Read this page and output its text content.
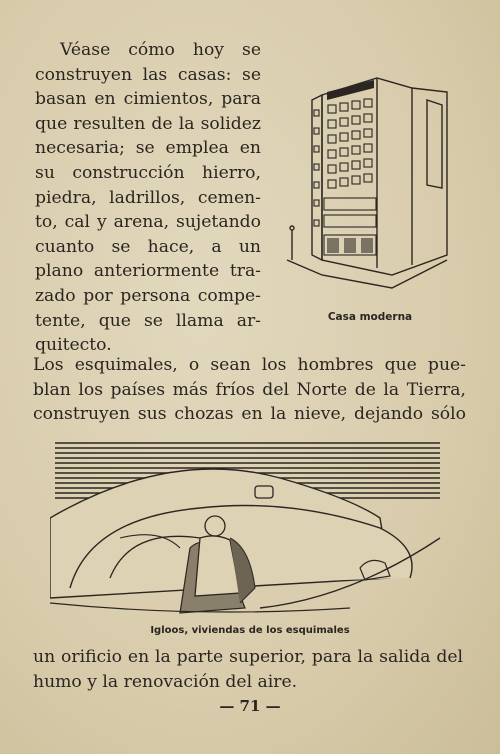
Véase cómo hoy se
construyen las casas: se
basan en cimientos, para
que resulten de la solidez
necesaria; se emplea en
su construcción hierro,
piedra, ladrillos, cemen-
to, cal y arena, sujetando
cuanto se hace, a un
plano anteriormente tra-
zado por persona compe-
tente, que se llama ar-
quitecto.
Casa moderna
Los esquimales, o sean los hombres que pue-
blan los países más fríos del Norte de la Tierra,
construyen sus chozas en la nieve, dejando sólo
Igloos, viviendas de los esquimales
un orificio en la parte superior, para la salida del
humo y la renovación del aire.
— 71 —
